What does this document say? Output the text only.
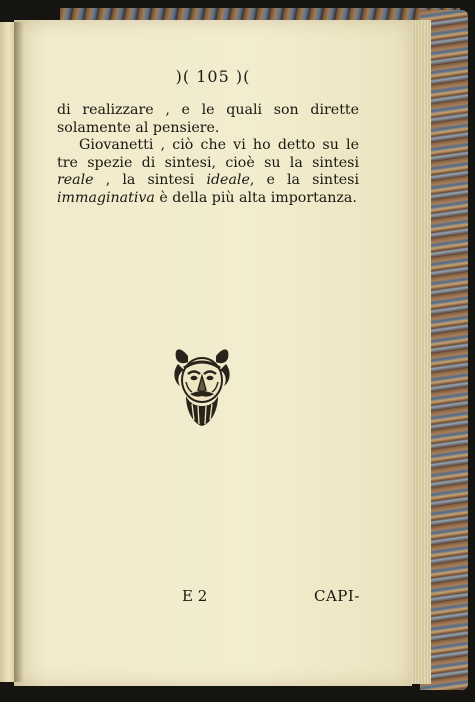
)( 105 )(

di realizzare , e le quali son dirette solamente al pensiere.

Giovanetti , ciò che vi ho detto su le tre spezie di sintesi, cioè su la sintesi reale , la sintesi ideale, e la sintesi immaginativa è della più alta importanza.

E 2	CAPI-
